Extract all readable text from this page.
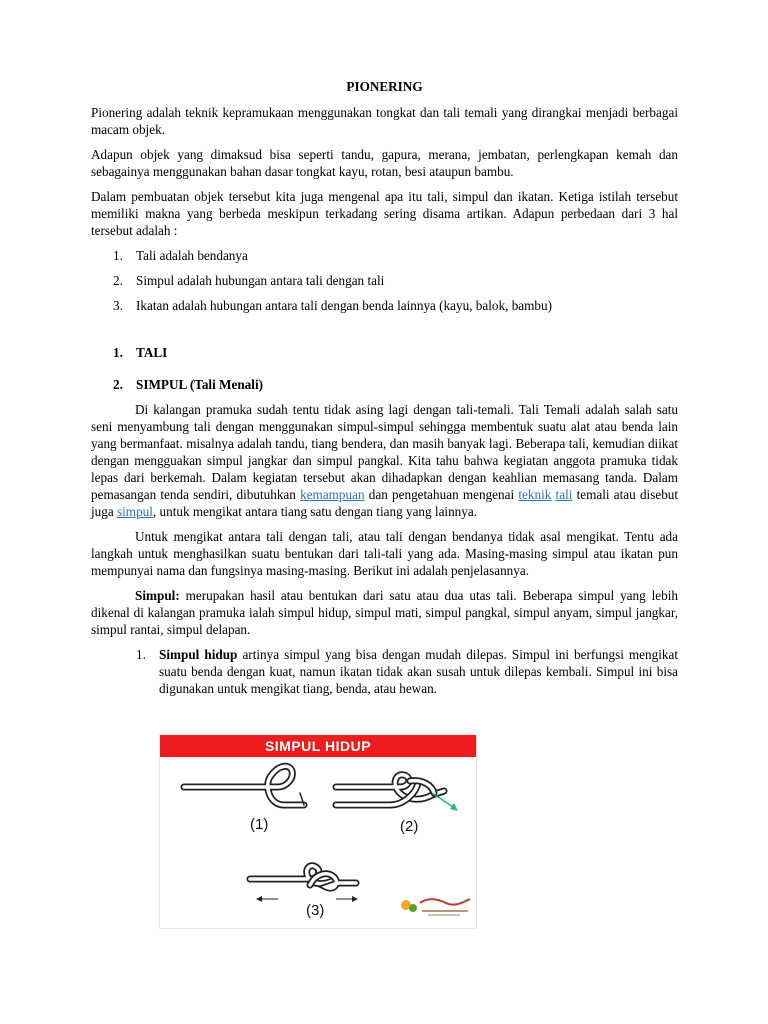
PIONERING

Pionering adalah teknik kepramukaan menggunakan tongkat dan tali temali yang dirangkai menjadi berbagai macam objek.

Adapun objek yang dimaksud bisa seperti tandu, gapura, merana, jembatan, perlengkapan kemah dan sebagainya menggunakan bahan dasar tongkat kayu, rotan, besi ataupun bambu.

Dalam pembuatan objek tersebut kita juga mengenal apa itu tali, simpul dan ikatan. Ketiga istilah tersebut memiliki makna yang berbeda meskipun terkadang sering disama artikan. Adapun perbedaan dari 3 hal tersebut adalah :

1. Tali adalah bendanya
2. Simpul adalah hubungan antara tali dengan tali
3. Ikatan adalah hubungan antara tali dengan benda lainnya (kayu, balok, bambu)
1. TALI
2. SIMPUL (Tali Menali)

Di kalangan pramuka sudah tentu tidak asing lagi dengan tali-temali. Tali Temali adalah salah satu seni menyambung tali dengan menggunakan simpul-simpul sehingga membentuk suatu alat atau benda lain yang bermanfaat. misalnya adalah tandu, tiang bendera, dan masih banyak lagi. Beberapa tali, kemudian diikat dengan mengguakan simpul jangkar dan simpul pangkal. Kita tahu bahwa kegiatan anggota pramuka tidak lepas dari berkemah. Dalam kegiatan tersebut akan dihadapkan dengan keahlian memasang tanda. Dalam pemasangan tenda sendiri, dibutuhkan kemampuan dan pengetahuan mengenai teknik tali temali atau disebut juga simpul, untuk mengikat antara tiang satu dengan tiang yang lainnya.

Untuk mengikat antara tali dengan tali, atau tali dengan bendanya tidak asal mengikat. Tentu ada langkah untuk menghasilkan suatu bentukan dari tali-tali yang ada. Masing-masing simpul atau ikatan pun mempunyai nama dan fungsinya masing-masing. Berikut ini adalah penjelasannya.

Simpul: merupakan hasil atau bentukan dari satu atau dua utas tali. Beberapa simpul yang lebih dikenal di kalangan pramuka ialah simpul hidup, simpul mati, simpul pangkal, simpul anyam, simpul jangkar, simpul rantai, simpul delapan.

1. Simpul hidup artinya simpul yang bisa dengan mudah dilepas. Simpul ini berfungsi mengikat suatu benda dengan kuat, namun ikatan tidak akan susah untuk dilepas kembali. Simpul ini bisa digunakan untuk mengikat tiang, benda, atau hewan.
SIMPUL HIDUP
(1)	(2)
(3)
